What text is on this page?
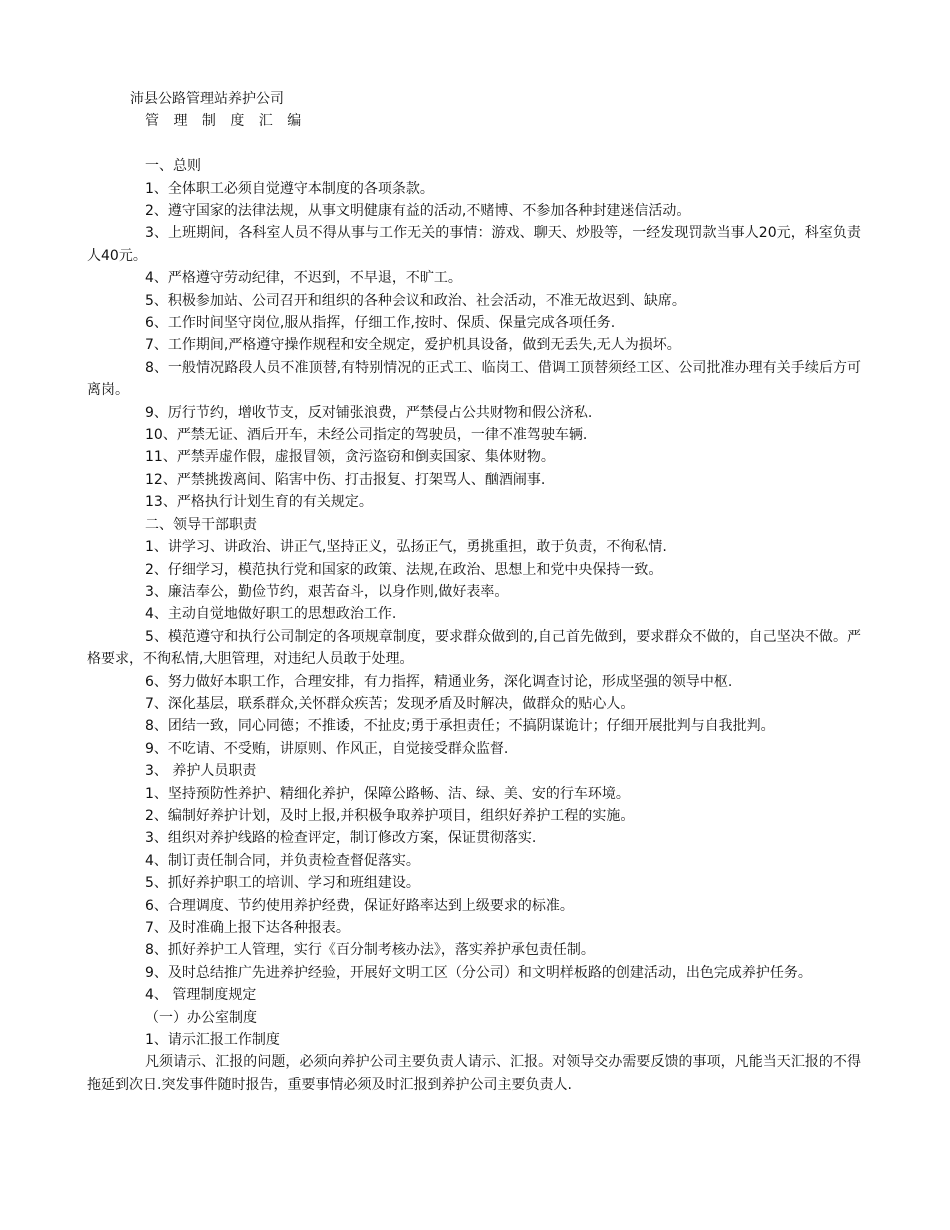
沛县公路管理站养护公司

管 理 制 度 汇 编

一、总则

1、全体职工必须自觉遵守本制度的各项条款。

2、遵守国家的法律法规，从事文明健康有益的活动,不赌博、不参加各种封建迷信活动。

3、上班期间，各科室人员不得从事与工作无关的事情：游戏、聊天、炒股等，一经发现罚款当事人20元，科室负责人40元。

4、严格遵守劳动纪律，不迟到，不早退，不旷工。

5、积极参加站、公司召开和组织的各种会议和政治、社会活动，不准无故迟到、缺席。

6、工作时间坚守岗位,服从指挥，仔细工作,按时、保质、保量完成各项任务.

7、工作期间,严格遵守操作规程和安全规定，爱护机具设备，做到无丢失,无人为损坏。

8、一般情况路段人员不准顶替,有特别情况的正式工、临岗工、借调工顶替须经工区、公司批准办理有关手续后方可离岗。

9、厉行节约，增收节支，反对铺张浪费，严禁侵占公共财物和假公济私.

10、严禁无证、酒后开车，未经公司指定的驾驶员，一律不准驾驶车辆.

11、严禁弄虚作假，虚报冒领，贪污盗窃和倒卖国家、集体财物。

12、严禁挑拨离间、陷害中伤、打击报复、打架骂人、酗酒闹事.

13、严格执行计划生育的有关规定。

二、领导干部职责

1、讲学习、讲政治、讲正气,坚持正义，弘扬正气，勇挑重担，敢于负责，不徇私情.

2、仔细学习，模范执行党和国家的政策、法规,在政治、思想上和党中央保持一致。

3、廉洁奉公，勤俭节约，艰苦奋斗，以身作则,做好表率。

4、主动自觉地做好职工的思想政治工作.

5、模范遵守和执行公司制定的各项规章制度，要求群众做到的,自己首先做到，要求群众不做的，自己坚决不做。严格要求，不徇私情,大胆管理，对违纪人员敢于处理。

6、努力做好本职工作，合理安排，有力指挥，精通业务，深化调查讨论，形成坚强的领导中枢.

7、深化基层，联系群众,关怀群众疾苦；发现矛盾及时解决，做群众的贴心人。

8、团结一致，同心同德；不推诿，不扯皮;勇于承担责任；不搞阴谋诡计；仔细开展批判与自我批判。

9、不吃请、不受贿，讲原则、作风正，自觉接受群众监督.

3、 养护人员职责

1、坚持预防性养护、精细化养护，保障公路畅、洁、绿、美、安的行车环境。

2、编制好养护计划，及时上报,并积极争取养护项目，组织好养护工程的实施。

3、组织对养护线路的检查评定，制订修改方案，保证贯彻落实.

4、制订责任制合同，并负责检查督促落实。

5、抓好养护职工的培训、学习和班组建设。

6、合理调度、节约使用养护经费，保证好路率达到上级要求的标准。

7、及时准确上报下达各种报表。

8、抓好养护工人管理，实行《百分制考核办法》，落实养护承包责任制。

9、及时总结推广先进养护经验，开展好文明工区（分公司）和文明样板路的创建活动，出色完成养护任务。

4、 管理制度规定

（一）办公室制度

1、请示汇报工作制度

凡须请示、汇报的问题，必须向养护公司主要负责人请示、汇报。对领导交办需要反馈的事项，凡能当天汇报的不得拖延到次日.突发事件随时报告，重要事情必须及时汇报到养护公司主要负责人.
